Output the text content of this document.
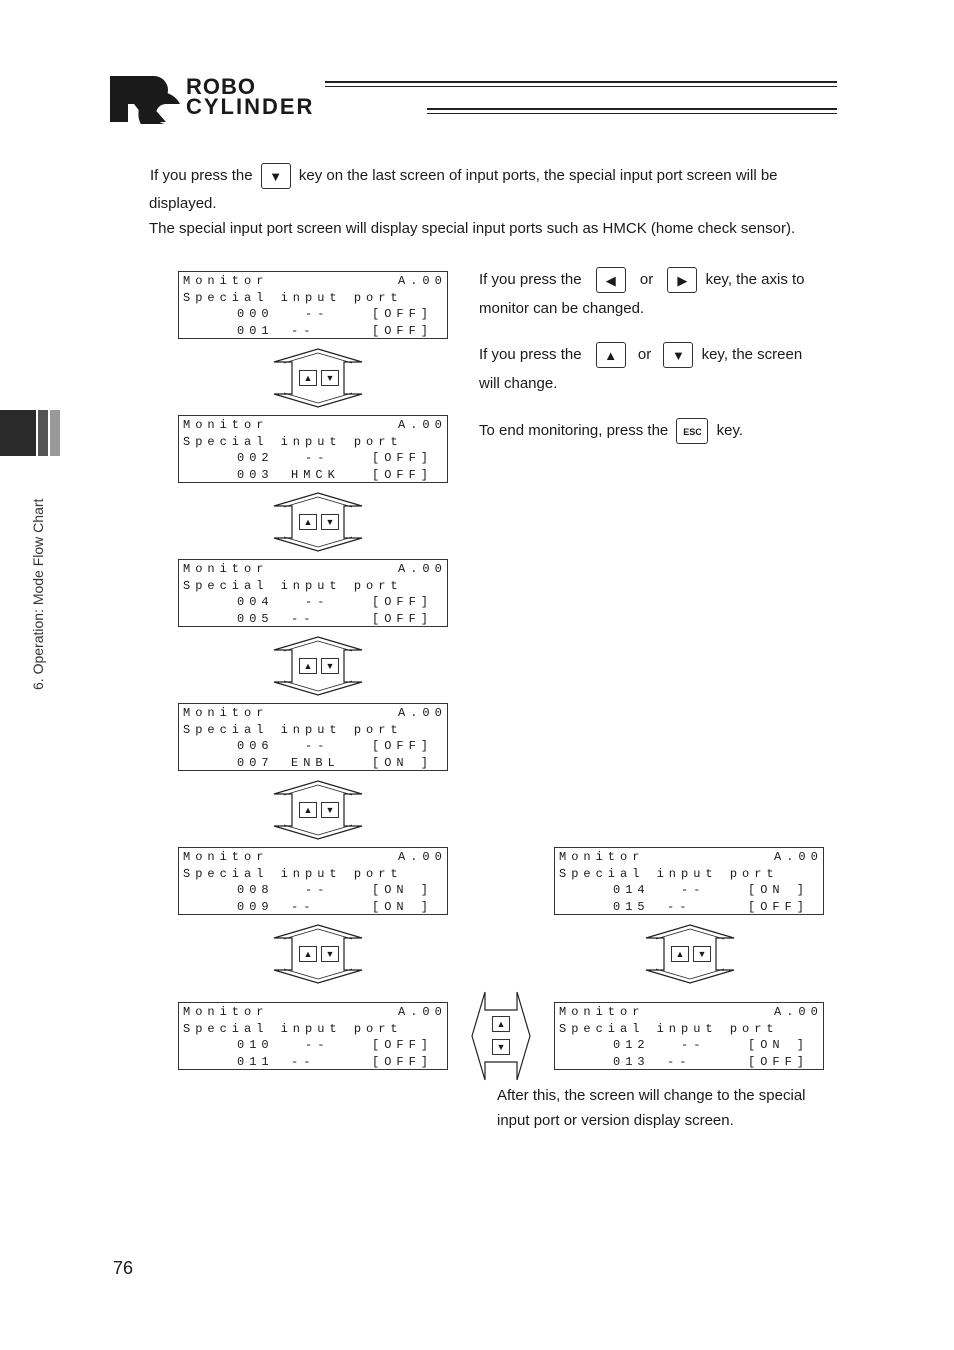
ROBO
CYLINDER
6. Operation: Mode Flow Chart
If you press the ▼ key on the last screen of input ports, the special input port screen will be
displayed.
The special input port screen will display special input ports such as HMCK (home check sensor).
If you press the ◀ or ▶ key, the axis to
monitor can be changed.
If you press the ▲ or ▼ key, the screen
will change.
To end monitoring, press the ESC key.
After this, the screen will change to the special
input port or version display screen.
Monitor	A.00
Special input port
000	--	[OFF]
001 --	[OFF]
Monitor	A.00
Special input port
002	--	[OFF]
003 HMCK	[OFF]
Monitor	A.00
Special input port
004	--	[OFF]
005 --	[OFF]
Monitor	A.00
Special input port
006	--	[OFF]
007 ENBL	[ON ]
Monitor	A.00
Special input port
008	--	[ON ]
009 --	[ON ]
Monitor	A.00
Special input port
010	--	[OFF]
011 --	[OFF]
Monitor	A.00
Special input port
014	--	[ON ]
015 --	[OFF]
Monitor	A.00
Special input port
012	--	[ON ]
013 --	[OFF]
76
▲	▼
▲	▼
▲	▼
▲	▼
▲	▼	▲	▼
▲
▼
